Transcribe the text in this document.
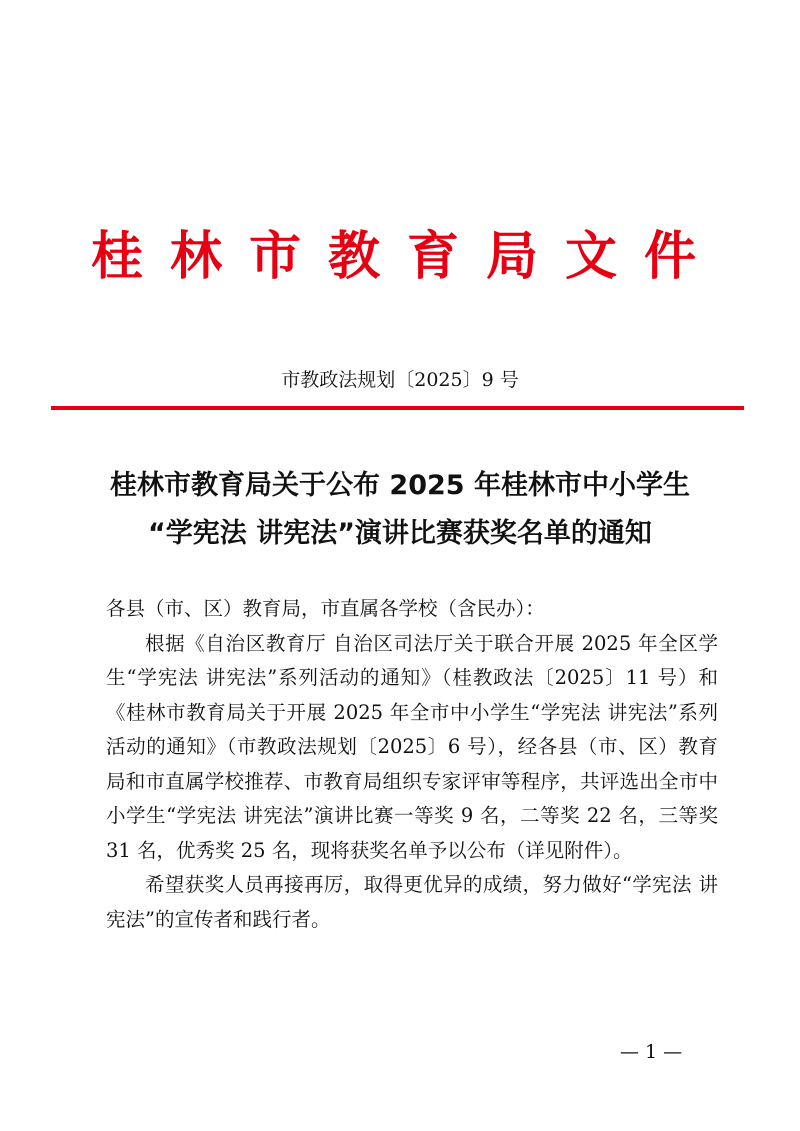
桂林市教育局文件
市教政法规划〔2025〕9 号
桂林市教育局关于公布 2025 年桂林市中小学生
“学宪法 讲宪法”演讲比赛获奖名单的通知

各县（市、区）教育局，市直属各学校（含民办）：

根据《自治区教育厅 自治区司法厅关于联合开展 2025 年全区学生“学宪法 讲宪法”系列活动的通知》（桂教政法〔2025〕11 号）和《桂林市教育局关于开展 2025 年全市中小学生“学宪法 讲宪法”系列活动的通知》（市教政法规划〔2025〕6 号），经各县（市、区）教育局和市直属学校推荐、市教育局组织专家评审等程序，共评选出全市中小学生“学宪法 讲宪法”演讲比赛一等奖 9 名，二等奖 22 名，三等奖 31 名，优秀奖 25 名，现将获奖名单予以公布（详见附件）。

希望获奖人员再接再厉，取得更优异的成绩，努力做好“学宪法 讲宪法”的宣传者和践行者。

— 1 —
